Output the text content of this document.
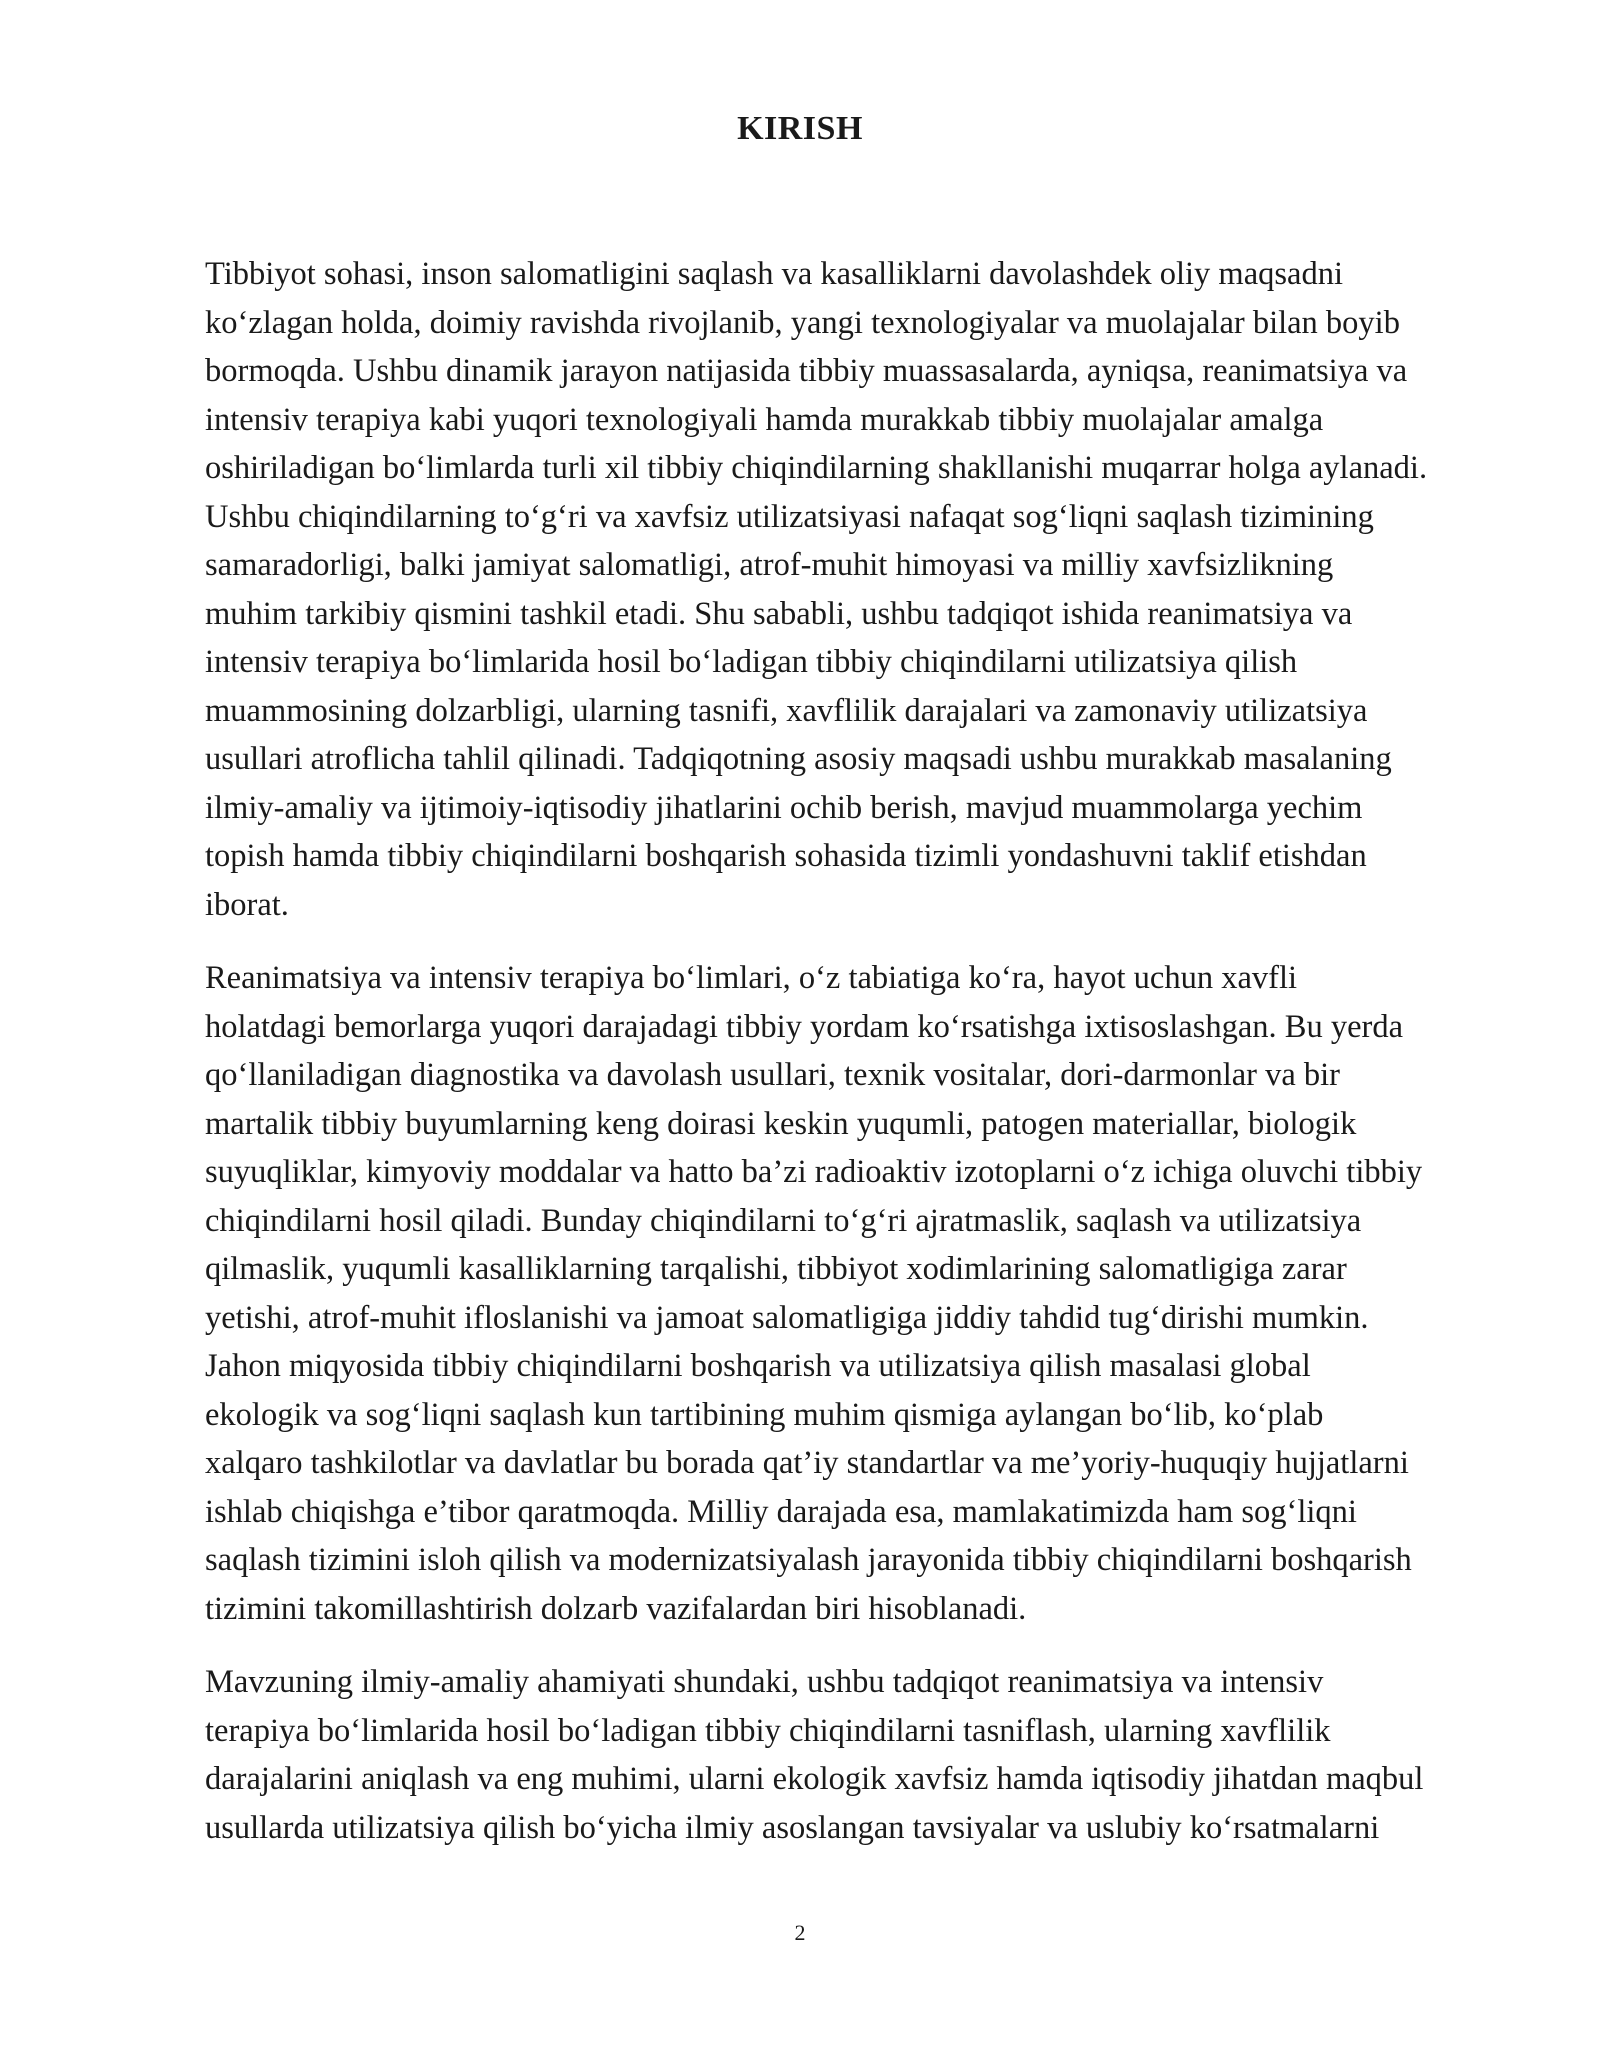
KIRISH

Tibbiyot sohasi, inson salomatligini saqlash va kasalliklarni davolashdek oliy maqsadni
ko‘zlagan holda, doimiy ravishda rivojlanib, yangi texnologiyalar va muolajalar bilan boyib
bormoqda. Ushbu dinamik jarayon natijasida tibbiy muassasalarda, ayniqsa, reanimatsiya va
intensiv terapiya kabi yuqori texnologiyali hamda murakkab tibbiy muolajalar amalga
oshiriladigan bo‘limlarda turli xil tibbiy chiqindilarning shakllanishi muqarrar holga aylanadi.
Ushbu chiqindilarning to‘g‘ri va xavfsiz utilizatsiyasi nafaqat sog‘liqni saqlash tizimining
samaradorligi, balki jamiyat salomatligi, atrof-muhit himoyasi va milliy xavfsizlikning
muhim tarkibiy qismini tashkil etadi. Shu sababli, ushbu tadqiqot ishida reanimatsiya va
intensiv terapiya bo‘limlarida hosil bo‘ladigan tibbiy chiqindilarni utilizatsiya qilish
muammosining dolzarbligi, ularning tasnifi, xavflilik darajalari va zamonaviy utilizatsiya
usullari atroflicha tahlil qilinadi. Tadqiqotning asosiy maqsadi ushbu murakkab masalaning
ilmiy-amaliy va ijtimoiy-iqtisodiy jihatlarini ochib berish, mavjud muammolarga yechim
topish hamda tibbiy chiqindilarni boshqarish sohasida tizimli yondashuvni taklif etishdan
iborat.

Reanimatsiya va intensiv terapiya bo‘limlari, o‘z tabiatiga ko‘ra, hayot uchun xavfli
holatdagi bemorlarga yuqori darajadagi tibbiy yordam ko‘rsatishga ixtisoslashgan. Bu yerda
qo‘llaniladigan diagnostika va davolash usullari, texnik vositalar, dori-darmonlar va bir
martalik tibbiy buyumlarning keng doirasi keskin yuqumli, patogen materiallar, biologik
suyuqliklar, kimyoviy moddalar va hatto ba’zi radioaktiv izotoplarni o‘z ichiga oluvchi tibbiy
chiqindilarni hosil qiladi. Bunday chiqindilarni to‘g‘ri ajratmaslik, saqlash va utilizatsiya
qilmaslik, yuqumli kasalliklarning tarqalishi, tibbiyot xodimlarining salomatligiga zarar
yetishi, atrof-muhit ifloslanishi va jamoat salomatligiga jiddiy tahdid tug‘dirishi mumkin.
Jahon miqyosida tibbiy chiqindilarni boshqarish va utilizatsiya qilish masalasi global
ekologik va sog‘liqni saqlash kun tartibining muhim qismiga aylangan bo‘lib, ko‘plab
xalqaro tashkilotlar va davlatlar bu borada qat’iy standartlar va me’yoriy-huquqiy hujjatlarni
ishlab chiqishga e’tibor qaratmoqda. Milliy darajada esa, mamlakatimizda ham sog‘liqni
saqlash tizimini isloh qilish va modernizatsiyalash jarayonida tibbiy chiqindilarni boshqarish
tizimini takomillashtirish dolzarb vazifalardan biri hisoblanadi.

Mavzuning ilmiy-amaliy ahamiyati shundaki, ushbu tadqiqot reanimatsiya va intensiv
terapiya bo‘limlarida hosil bo‘ladigan tibbiy chiqindilarni tasniflash, ularning xavflilik
darajalarini aniqlash va eng muhimi, ularni ekologik xavfsiz hamda iqtisodiy jihatdan maqbul
usullarda utilizatsiya qilish bo‘yicha ilmiy asoslangan tavsiyalar va uslubiy ko‘rsatmalarni

2
